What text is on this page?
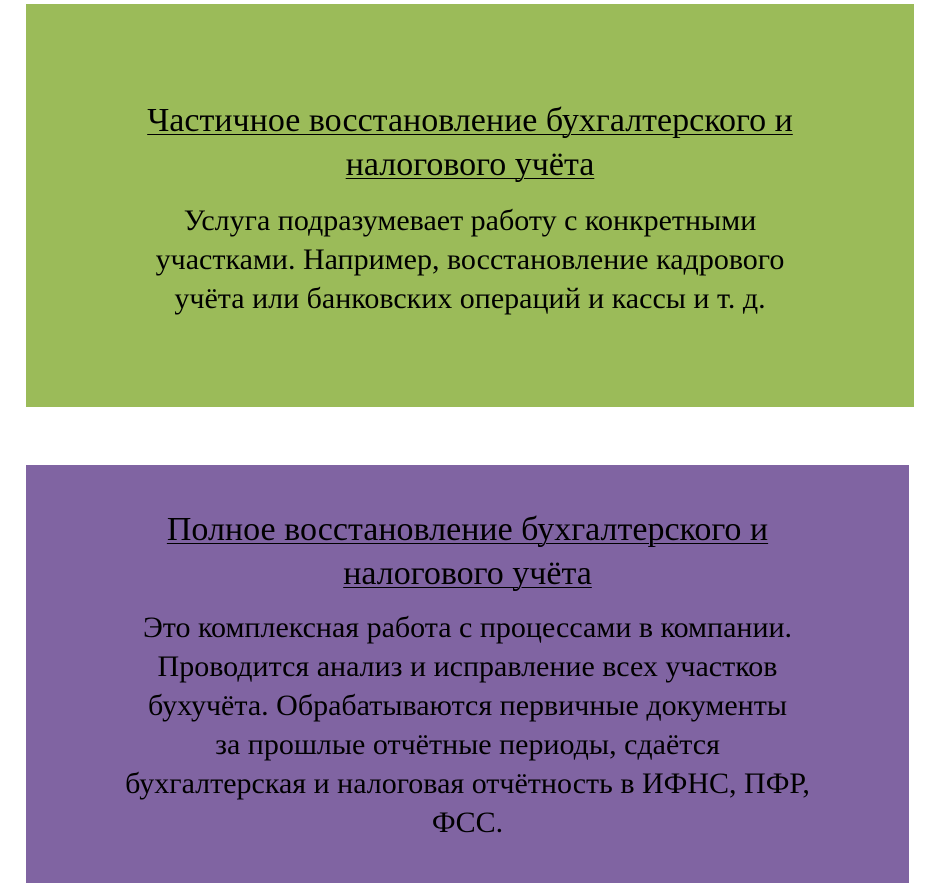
Частичное восстановление бухгалтерского и
налогового учёта
Услуга подразумевает работу с конкретными
участками. Например, восстановление кадрового
учёта или банковских операций и кассы и т. д.
Полное восстановление бухгалтерского и
налогового учёта
Это комплексная работа с процессами в компании.
Проводится анализ и исправление всех участков
бухучёта. Обрабатываются первичные документы
за прошлые отчётные периоды, сдаётся
бухгалтерская и налоговая отчётность в ИФНС, ПФР,
ФСС.
